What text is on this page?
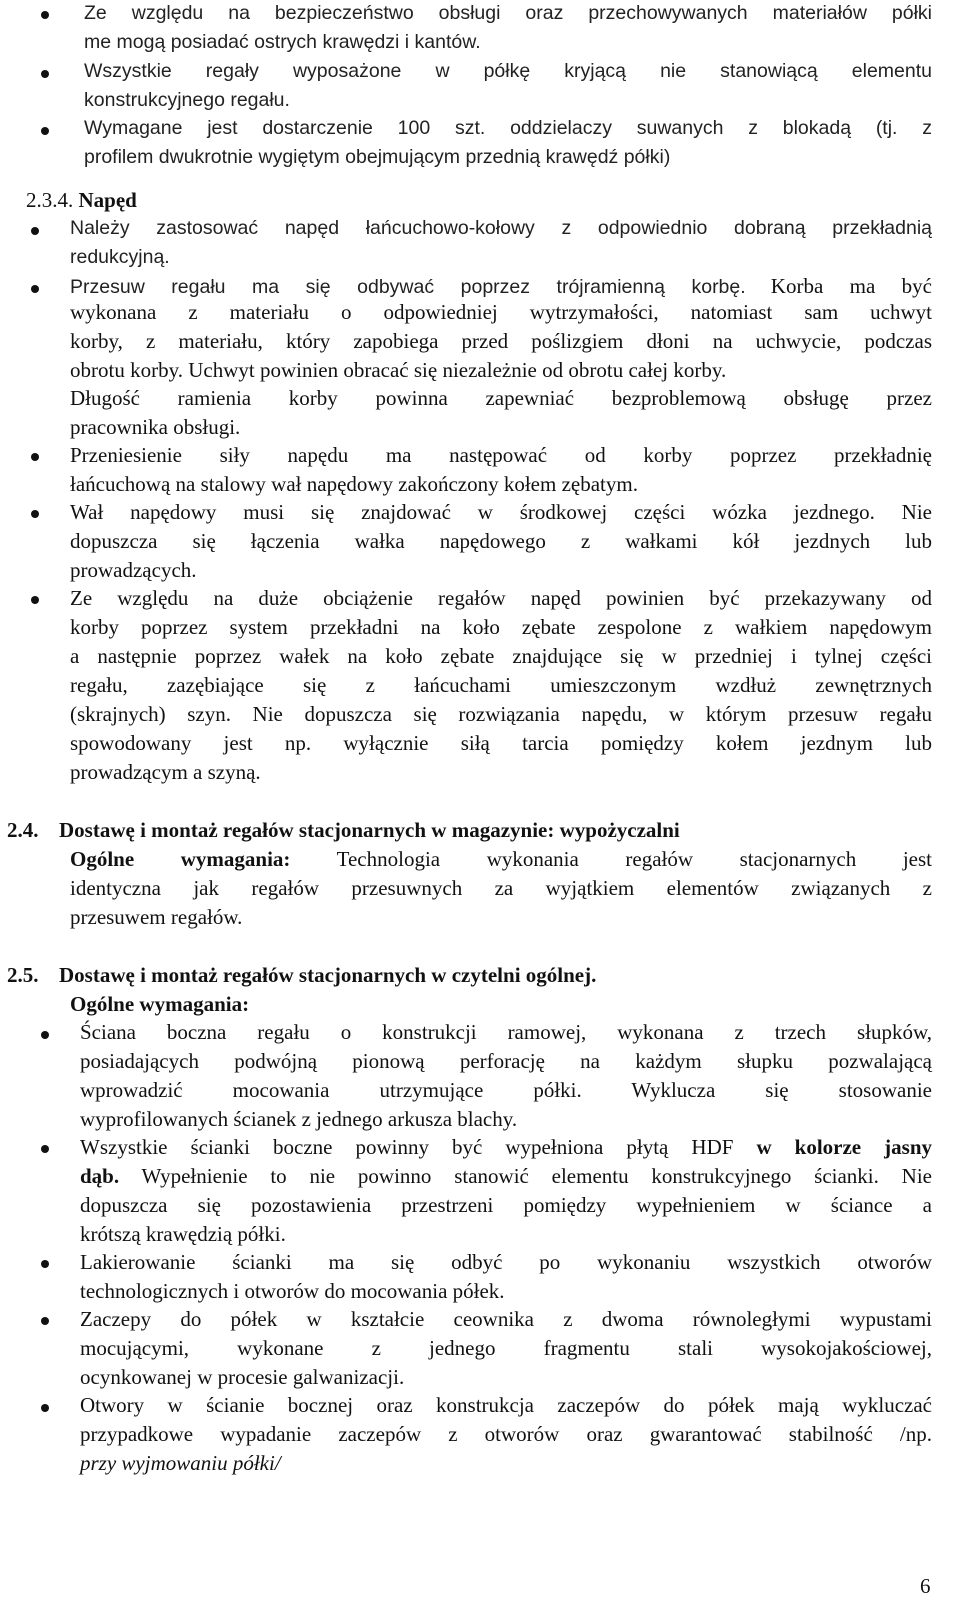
Ze względu na bezpieczeństwo obsługi oraz przechowywanych materiałów półki
me mogą posiadać ostrych krawędzi i kantów.
Wszystkie regały wyposażone w półkę kryjącą nie stanowiącą elementu
konstrukcyjnego regału.
Wymagane jest dostarczenie 100 szt. oddzielaczy suwanych z blokadą (tj. z
profilem dwukrotnie wygiętym obejmującym przednią krawędź półki)
2.3.4. Napęd
Należy zastosować napęd łańcuchowo-kołowy z odpowiednio dobraną przekładnią
redukcyjną.
Przesuw regału ma się odbywać poprzez trójramienną korbę. Korba ma być
wykonana z materiału o odpowiedniej wytrzymałości, natomiast sam uchwyt
korby, z materiału, który zapobiega przed poślizgiem dłoni na uchwycie, podczas
obrotu korby. Uchwyt powinien obracać się niezależnie od obrotu całej korby.
Długość ramienia korby powinna zapewniać bezproblemową obsługę przez
pracownika obsługi.
Przeniesienie siły napędu ma następować od korby poprzez przekładnię
łańcuchową na stalowy wał napędowy zakończony kołem zębatym.
Wał napędowy musi się znajdować w środkowej części wózka jezdnego. Nie
dopuszcza się łączenia wałka napędowego z wałkami kół jezdnych lub
prowadzących.
Ze względu na duże obciążenie regałów napęd powinien być przekazywany od
korby poprzez system przekładni na koło zębate zespolone z wałkiem napędowym
a następnie poprzez wałek na koło zębate znajdujące się w przedniej i tylnej części
regału, zazębiające się z łańcuchami umieszczonym wzdłuż zewnętrznych
(skrajnych) szyn. Nie dopuszcza się rozwiązania napędu, w którym przesuw regału
spowodowany jest np. wyłącznie siłą tarcia pomiędzy kołem jezdnym lub
prowadzącym a szyną.
2.4. Dostawę i montaż regałów stacjonarnych w magazynie: wypożyczalni
Ogólne wymagania: Technologia wykonania regałów stacjonarnych jest
identyczna jak regałów przesuwnych za wyjątkiem elementów związanych z
przesuwem regałów.
2.5. Dostawę i montaż regałów stacjonarnych w czytelni ogólnej.
Ogólne wymagania:
Ściana boczna regału o konstrukcji ramowej, wykonana z trzech słupków,
posiadających podwójną pionową perforację na każdym słupku pozwalającą
wprowadzić mocowania utrzymujące półki. Wyklucza się stosowanie
wyprofilowanych ścianek z jednego arkusza blachy.
Wszystkie ścianki boczne powinny być wypełniona płytą HDF w kolorze jasny
dąb. Wypełnienie to nie powinno stanowić elementu konstrukcyjnego ścianki. Nie
dopuszcza się pozostawienia przestrzeni pomiędzy wypełnieniem w ściance a
krótszą krawędzią półki.
Lakierowanie ścianki ma się odbyć po wykonaniu wszystkich otworów
technologicznych i otworów do mocowania półek.
Zaczepy do półek w kształcie ceownika z dwoma równoległymi wypustami
mocującymi, wykonane z jednego fragmentu stali wysokojakościowej,
ocynkowanej w procesie galwanizacji.
Otwory w ścianie bocznej oraz konstrukcja zaczepów do półek mają wykluczać
przypadkowe wypadanie zaczepów z otworów oraz gwarantować stabilność /np.
przy wyjmowaniu półki/
6
